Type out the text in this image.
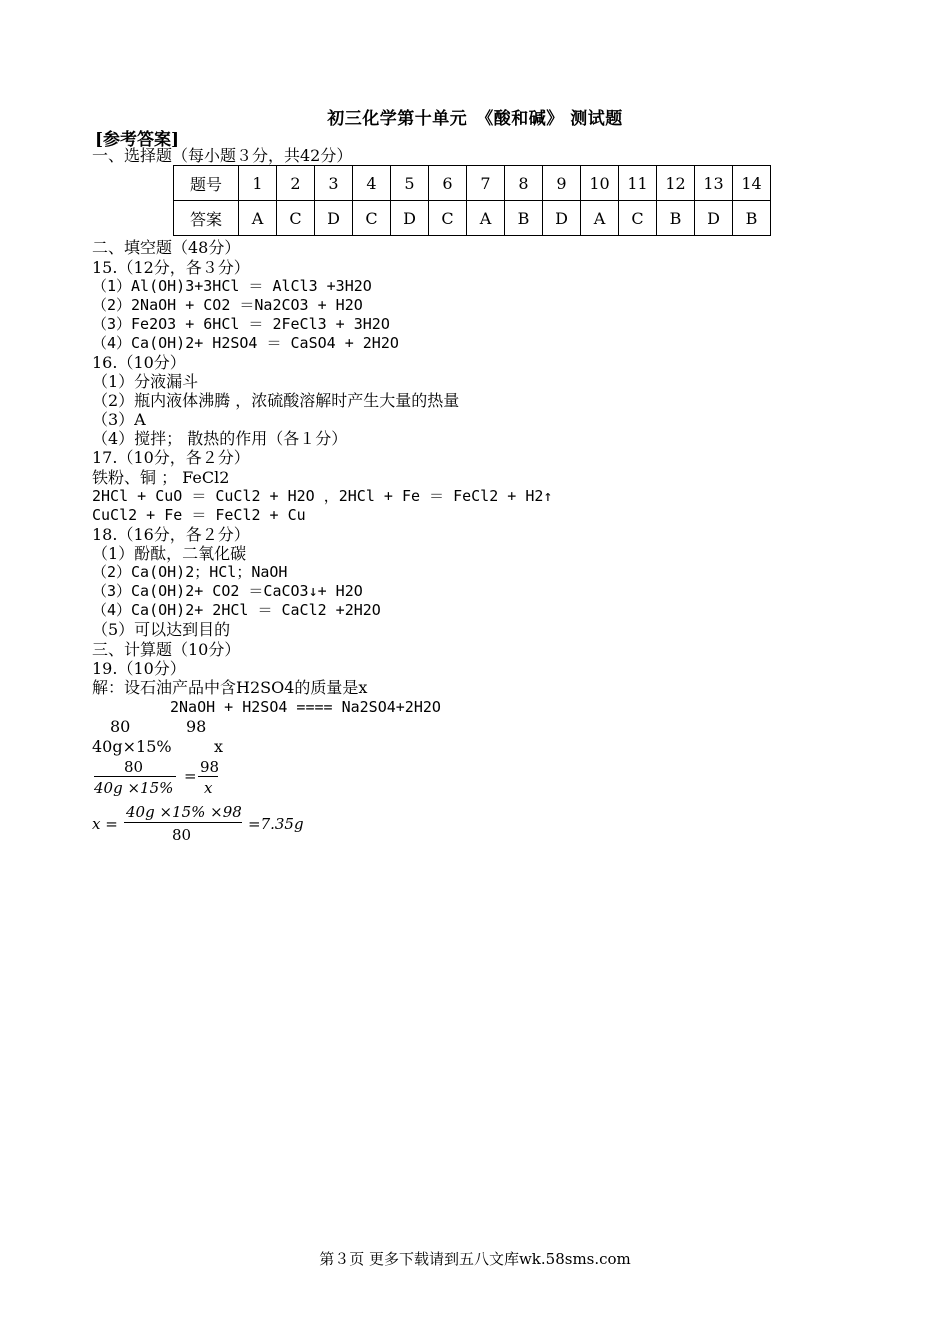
初三化学第十单元　《酸和碱》 测试题
[参考答案]
一、选择题（每小题３分，共42分）
题号	1	2	3	4	5	6	7	8	9	10	11	12	13	14
答案	A	C	D	C	D	C	A	B	D	A	C	B	D	B
二、填空题（48分）
15.（12分，各３分）
（1）Al(OH)3+3HCl ＝ AlCl3 +3H2O
（2）2NaOH + CO2 ＝Na2CO3 + H2O
（3）Fe2O3 + 6HCl ＝ 2FeCl3 + 3H2O
（4）Ca(OH)2+ H2SO4 ＝ CaSO4 + 2H2O
16.（10分）
（1）分液漏斗
（2）瓶内液体沸腾 ，浓硫酸溶解时产生大量的热量
（3）A
（4）搅拌； 散热的作用（各１分）
17.（10分，各２分）
铁粉、铜 ； FeCl2
2HCl + CuO ＝ CuCl2 + H2O ，2HCl + Fe ＝ FeCl2 + H2↑
CuCl2 + Fe ＝ FeCl2 + Cu
18.（16分，各２分）
（1）酚酞，二氧化碳
（2）Ca(OH)2；HCl；NaOH
（3）Ca(OH)2+ CO2 ＝CaCO3↓+ H2O
（4）Ca(OH)2+ 2HCl ＝ CaCl2 +2H2O
（5）可以达到目的
三、计算题（10分）
19.（10分）
解：设石油产品中含H2SO4的质量是x
2NaOH + H2SO4 ==== Na2SO4+2H2O
80	98
40g×15%	x
80
40g ×15%
= 98
x
x =
40g ×15% ×98
80
=7.35g
第３页 更多下载请到五八文库wk.58sms.com
